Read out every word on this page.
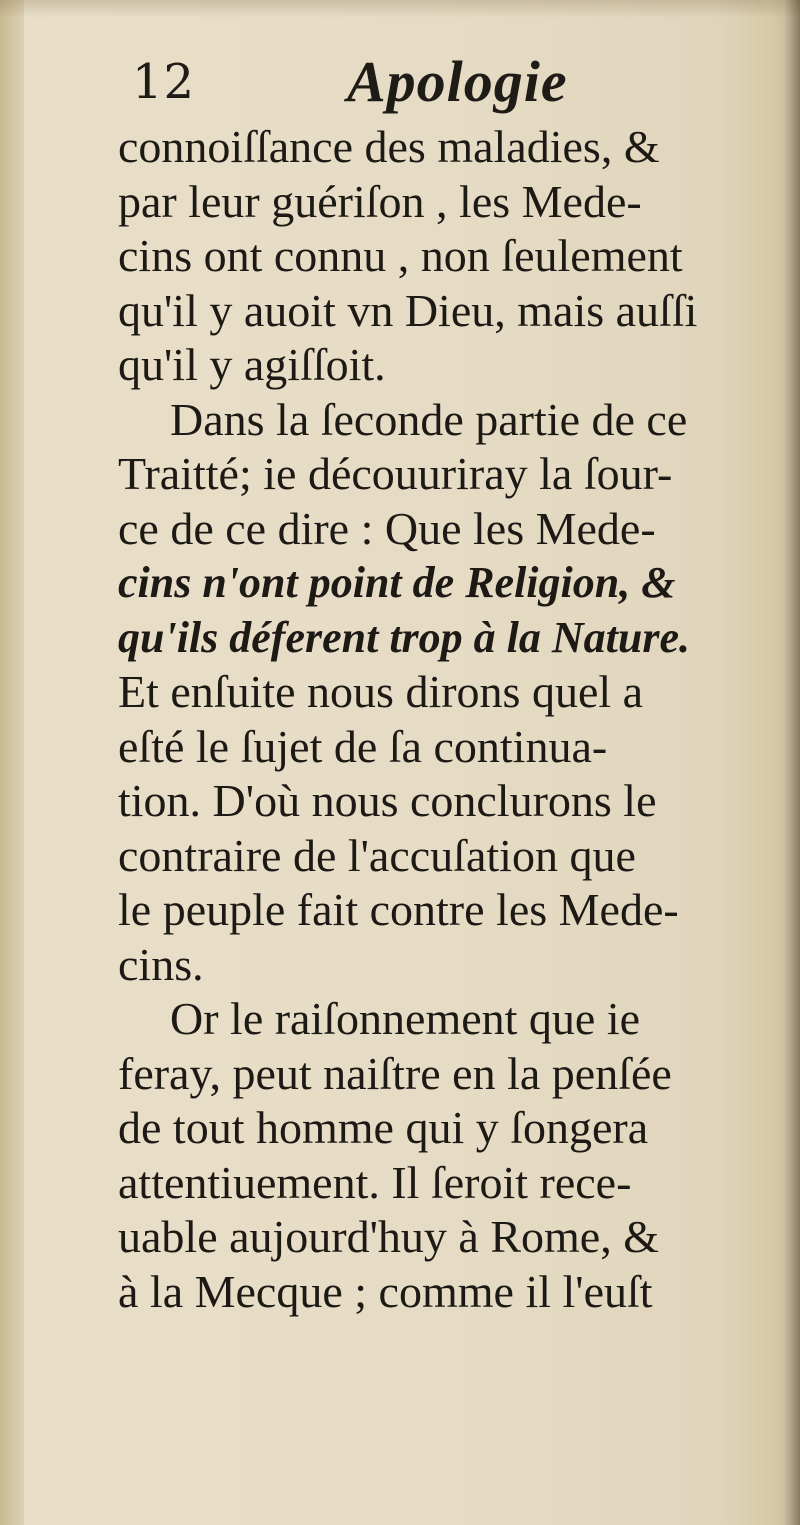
12	Apologie
connoiſſance des maladies, &
par leur guériſon , les Mede-
cins ont connu , non ſeulement
qu'il y auoit vn Dieu, mais auſſi
qu'il y agiſſoit.
Dans la ſeconde partie de ce
Traitté; ie découuriray la ſour-
ce de ce dire : Que les Mede-
cins n'ont point de Religion, &
qu'ils déferent trop à la Nature.
Et enſuite nous dirons quel a
eſté le ſujet de ſa continua-
tion. D'où nous conclurons le
contraire de l'accuſation que
le peuple fait contre les Mede-
cins.
Or le raiſonnement que ie
feray, peut naiſtre en la penſée
de tout homme qui y ſongera
attentiuement. Il ſeroit rece-
uable aujourd'huy à Rome, &
à la Mecque ; comme il l'euſt
